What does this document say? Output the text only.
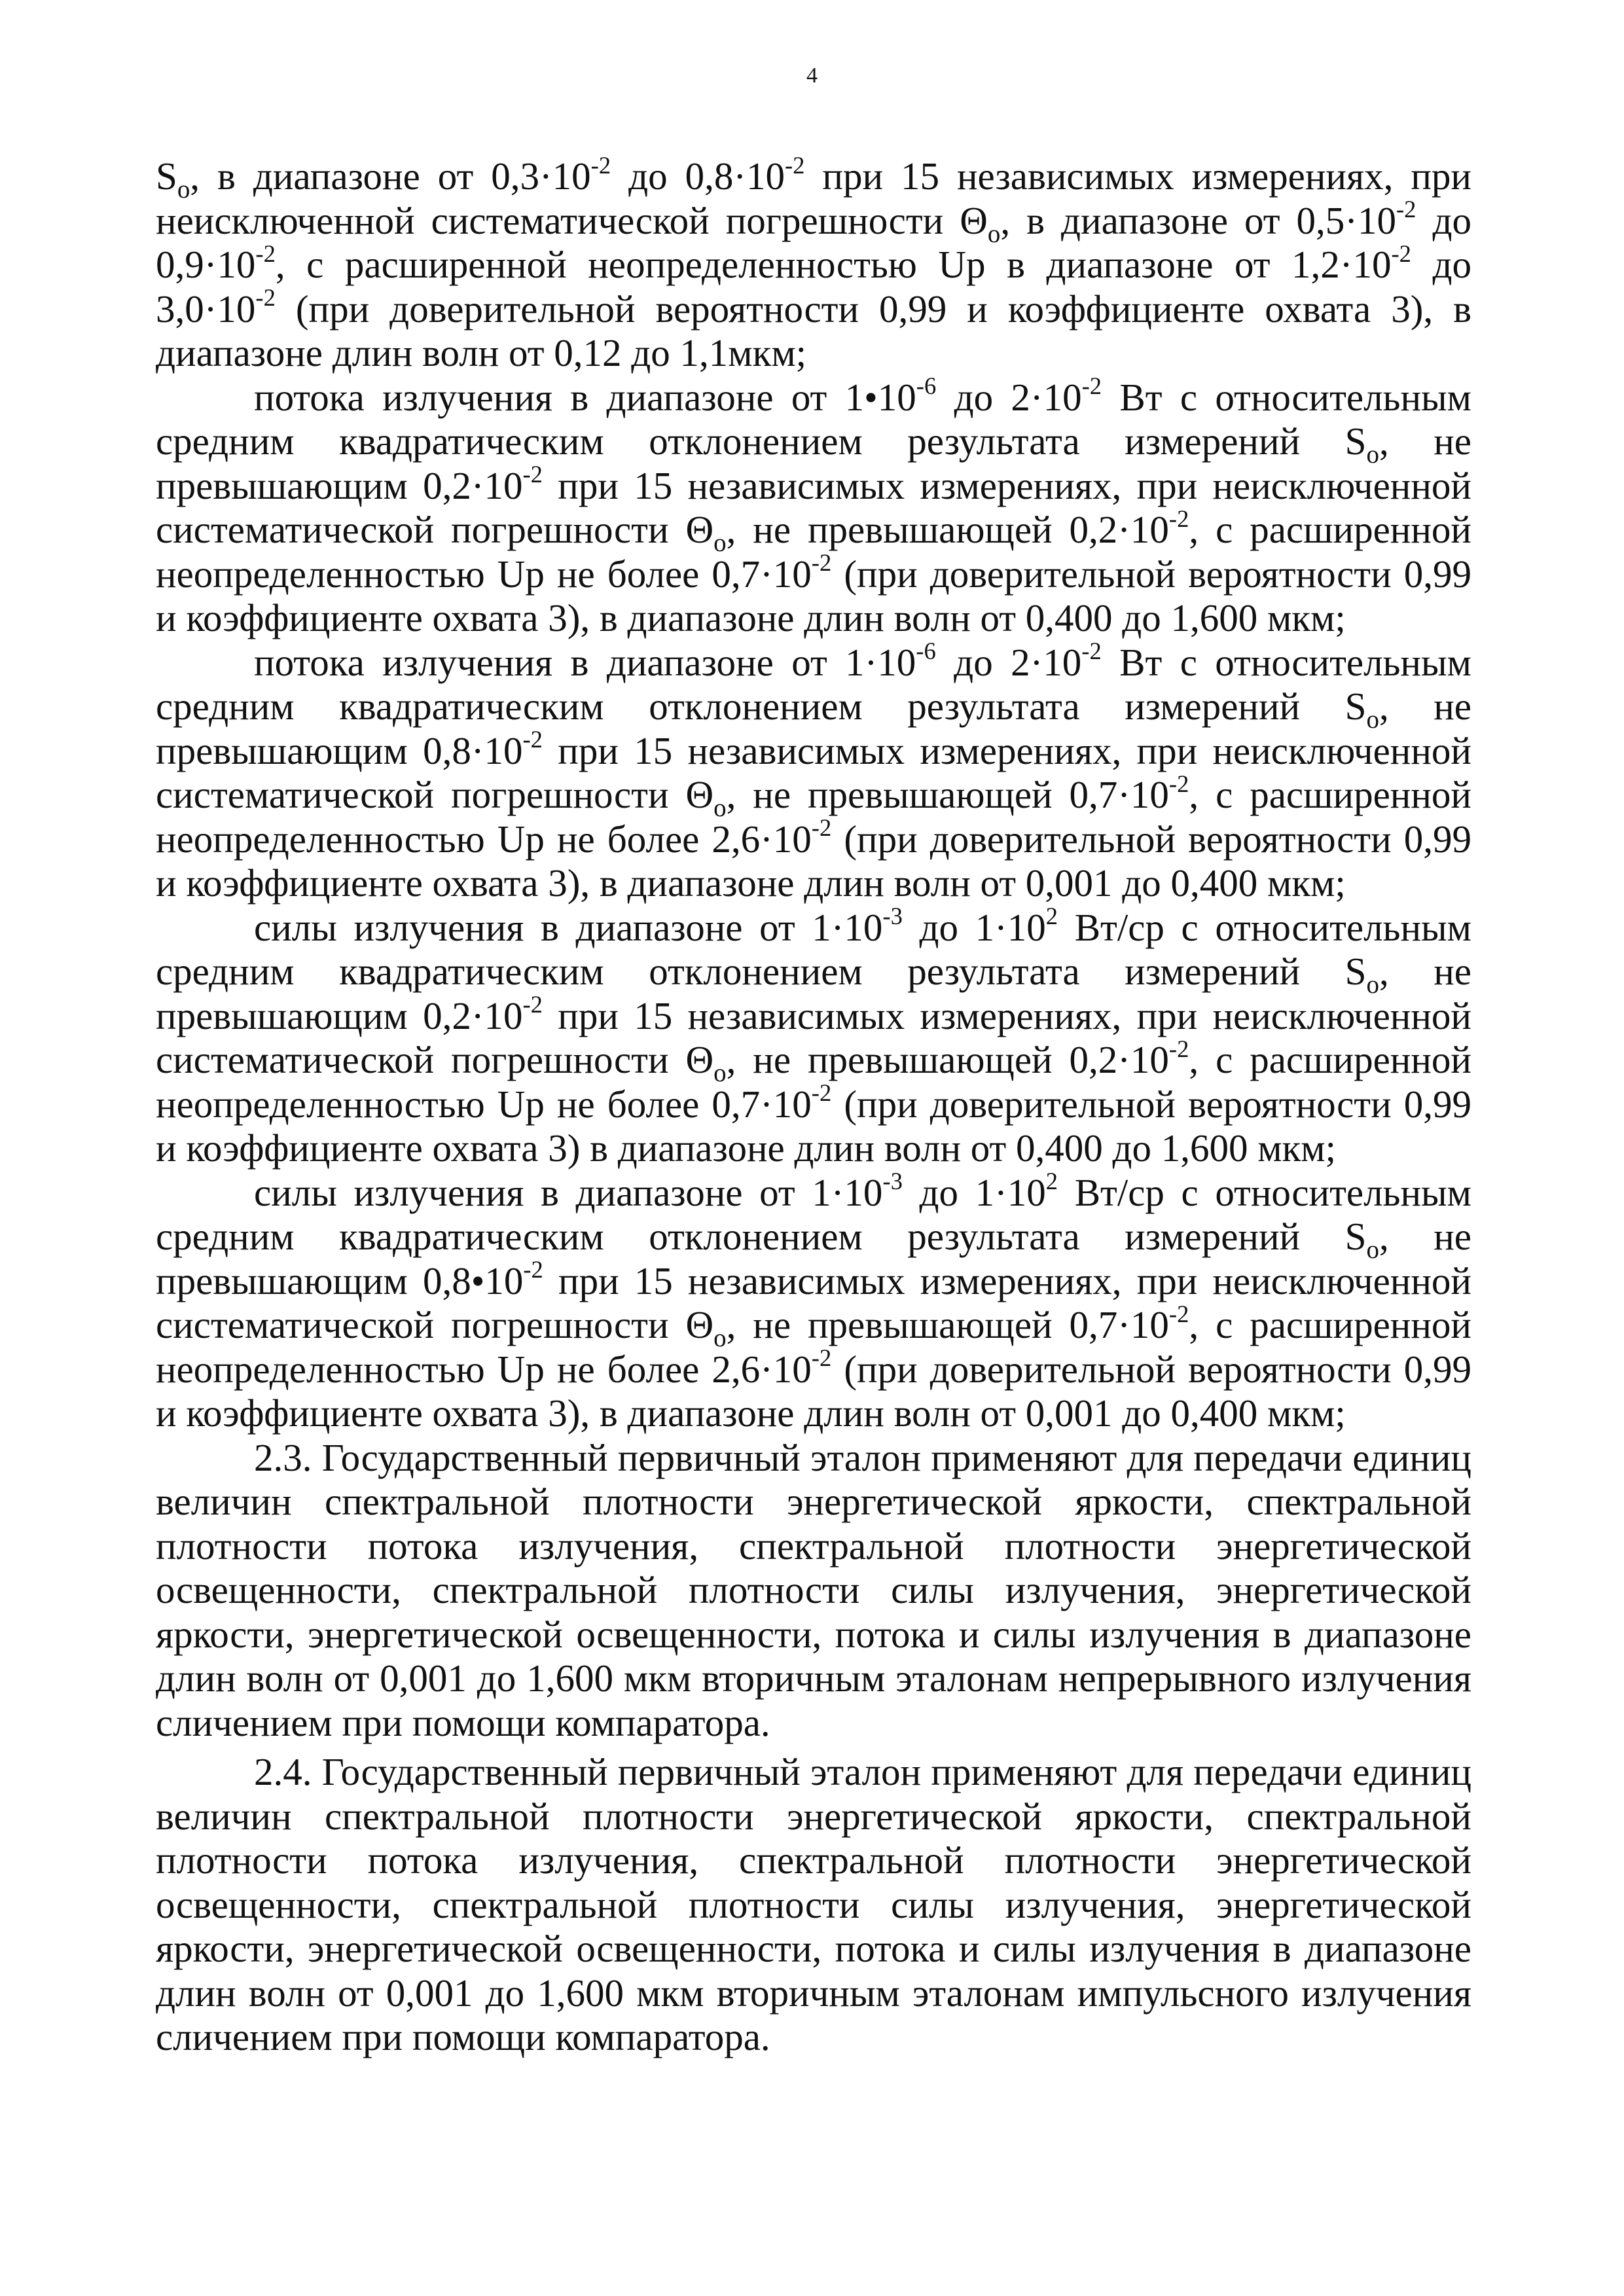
4

$S_o$, в диапазоне от $0,3\cdot 10^{-2}$ до $0,8\cdot 10^{-2}$ при 15 независимых измерениях, при неисключенной систематической погрешности $\Theta_o$, в диапазоне от $0,5\cdot 10^{-2}$ до $0,9\cdot 10^{-2}$, с расширенной неопределенностью Up в диапазоне от $1,2\cdot 10^{-2}$ до $3,0\cdot 10^{-2}$ (при доверительной вероятности 0,99 и коэффициенте охвата 3), в диапазоне длин волн от 0,12 до 1,1мкм;

потока излучения в диапазоне от $1•10^{-6}$ до $2\cdot 10^{-2}$ Вт с относительным средним квадратическим отклонением результата измерений $S_o$, не превышающим $0,2\cdot 10^{-2}$ при 15 независимых измерениях, при неисключенной систематической погрешности $\Theta_o$, не превышающей $0,2\cdot 10^{-2}$, с расширенной неопределенностью Up не более $0,7\cdot 10^{-2}$ (при доверительной вероятности 0,99 и коэффициенте охвата 3), в диапазоне длин волн от 0,400 до 1,600 мкм;

потока излучения в диапазоне от $1\cdot 10^{-6}$ до $2\cdot 10^{-2}$ Вт с относительным средним квадратическим отклонением результата измерений $S_o$, не превышающим $0,8\cdot 10^{-2}$ при 15 независимых измерениях, при неисключенной систематической погрешности $\Theta_o$, не превышающей $0,7\cdot 10^{-2}$, с расширенной неопределенностью Up не более $2,6\cdot 10^{-2}$ (при доверительной вероятности 0,99 и коэффициенте охвата 3), в диапазоне длин волн от 0,001 до 0,400 мкм;

силы излучения в диапазоне от $1\cdot 10^{-3}$ до $1\cdot 10^2$ Вт/ср с относительным средним квадратическим отклонением результата измерений $S_o$, не превышающим $0,2\cdot 10^{-2}$ при 15 независимых измерениях, при неисключенной систематической погрешности $\Theta_o$, не превышающей $0,2\cdot 10^{-2}$, с расширенной неопределенностью Up не более $0,7\cdot 10^{-2}$ (при доверительной вероятности 0,99 и коэффициенте охвата 3) в диапазоне длин волн от 0,400 до 1,600 мкм;

силы излучения в диапазоне от $1\cdot 10^{-3}$ до $1\cdot 10^2$ Вт/ср с относительным средним квадратическим отклонением результата измерений $S_o$, не превышающим $0,8•10^{-2}$ при 15 независимых измерениях, при неисключенной систематической погрешности $\Theta_o$, не превышающей $0,7\cdot 10^{-2}$, с расширенной неопределенностью Up не более $2,6\cdot 10^{-2}$ (при доверительной вероятности 0,99 и коэффициенте охвата 3), в диапазоне длин волн от 0,001 до 0,400 мкм;

2.3. Государственный первичный эталон применяют для передачи единиц величин спектральной плотности энергетической яркости, спектральной плотности потока излучения, спектральной плотности энергетической освещенности, спектральной плотности силы излучения, энергетической яркости, энергетической освещенности, потока и силы излучения в диапазоне длин волн от 0,001 до 1,600 мкм вторичным эталонам непрерывного излучения сличением при помощи компаратора.

2.4. Государственный первичный эталон применяют для передачи единиц величин спектральной плотности энергетической яркости, спектральной плотности потока излучения, спектральной плотности энергетической освещенности, спектральной плотности силы излучения, энергетической яркости, энергетической освещенности, потока и силы излучения в диапазоне длин волн от 0,001 до 1,600 мкм вторичным эталонам импульсного излучения сличением при помощи компаратора.
